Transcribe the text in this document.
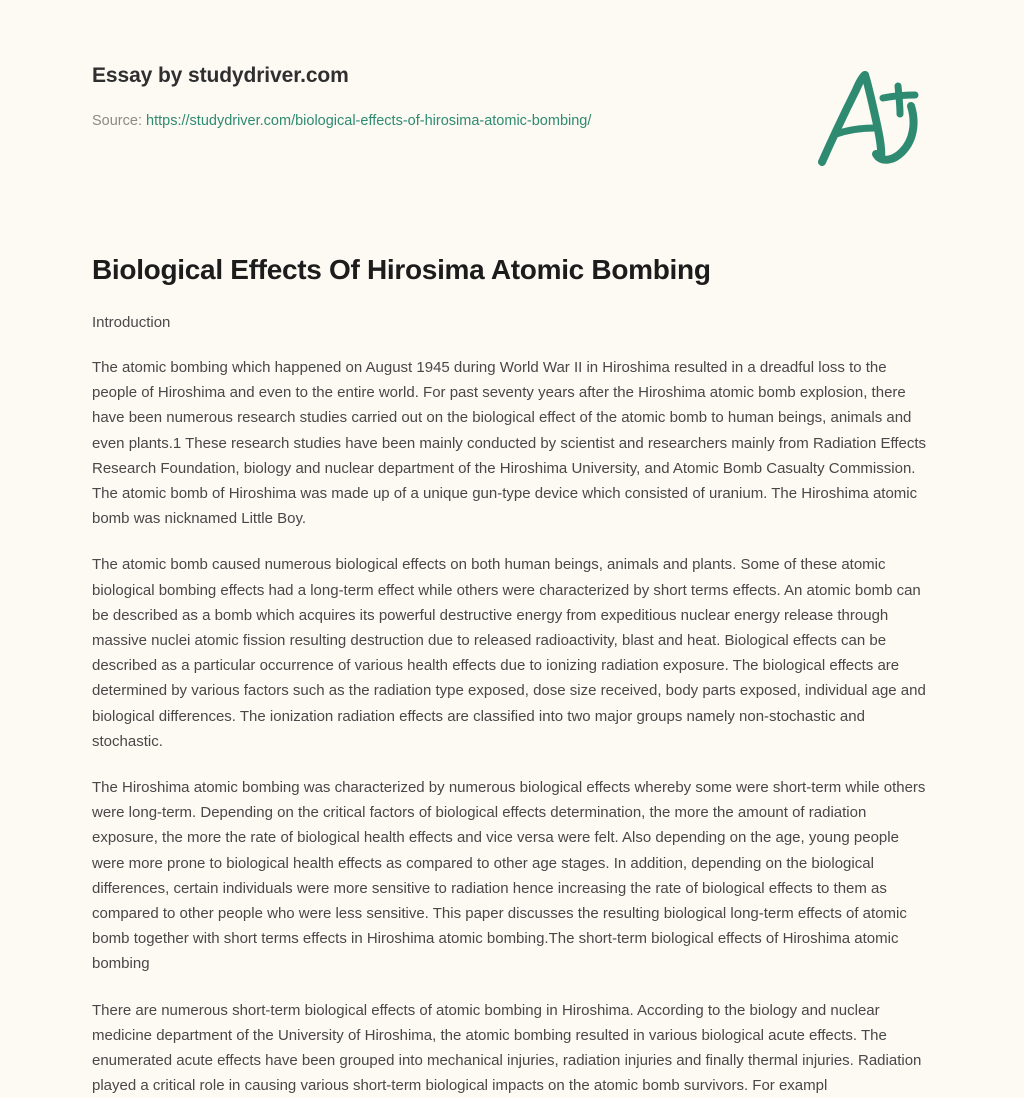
Essay by studydriver.com
Source: https://studydriver.com/biological-effects-of-hirosima-atomic-bombing/
Biological Effects Of Hirosima Atomic Bombing

Introduction

The atomic bombing which happened on August 1945 during World War II in Hiroshima resulted in a dreadful loss to the people of Hiroshima and even to the entire world. For past seventy years after the Hiroshima atomic bomb explosion, there have been numerous research studies carried out on the biological effect of the atomic bomb to human beings, animals and even plants.1 These research studies have been mainly conducted by scientist and researchers mainly from Radiation Effects Research Foundation, biology and nuclear department of the Hiroshima University, and Atomic Bomb Casualty Commission. The atomic bomb of Hiroshima was made up of a unique gun-type device which consisted of uranium. The Hiroshima atomic bomb was nicknamed Little Boy.

The atomic bomb caused numerous biological effects on both human beings, animals and plants. Some of these atomic biological bombing effects had a long-term effect while others were characterized by short terms effects. An atomic bomb can be described as a bomb which acquires its powerful destructive energy from expeditious nuclear energy release through massive nuclei atomic fission resulting destruction due to released radioactivity, blast and heat. Biological effects can be described as a particular occurrence of various health effects due to ionizing radiation exposure. The biological effects are determined by various factors such as the radiation type exposed, dose size received, body parts exposed, individual age and biological differences. The ionization radiation effects are classified into two major groups namely non-stochastic and stochastic.

The Hiroshima atomic bombing was characterized by numerous biological effects whereby some were short-term while others were long-term. Depending on the critical factors of biological effects determination, the more the amount of radiation exposure, the more the rate of biological health effects and vice versa were felt. Also depending on the age, young people were more prone to biological health effects as compared to other age stages. In addition, depending on the biological differences, certain individuals were more sensitive to radiation hence increasing the rate of biological effects to them as compared to other people who were less sensitive. This paper discusses the resulting biological long-term effects of atomic bomb together with short terms effects in Hiroshima atomic bombing.The short-term biological effects of Hiroshima atomic bombing

There are numerous short-term biological effects of atomic bombing in Hiroshima. According to the biology and nuclear medicine department of the University of Hiroshima, the atomic bombing resulted in various biological acute effects. The enumerated acute effects have been grouped into mechanical injuries, radiation injuries and finally thermal injuries. Radiation played a critical role in causing various short-term biological impacts on the atomic bomb survivors. For exampl
